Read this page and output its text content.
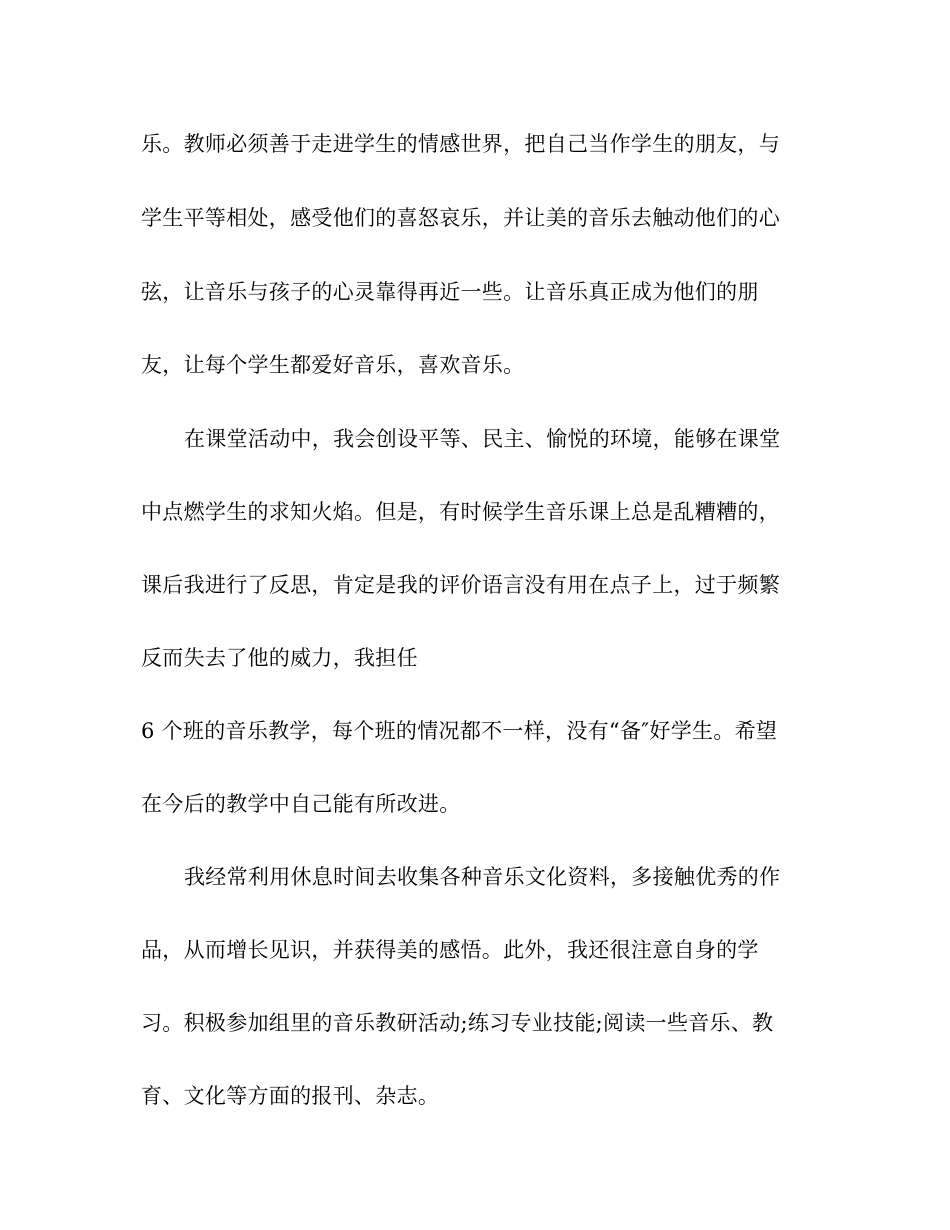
乐。教师必须善于走进学生的情感世界，把自己当作学生的朋友，与
学生平等相处，感受他们的喜怒哀乐，并让美的音乐去触动他们的心
弦，让音乐与孩子的心灵靠得再近一些。让音乐真正成为他们的朋
友，让每个学生都爱好音乐，喜欢音乐。
在课堂活动中，我会创设平等、民主、愉悦的环境，能够在课堂
中点燃学生的求知火焰。但是，有时候学生音乐课上总是乱糟糟的，
课后我进行了反思，肯定是我的评价语言没有用在点子上，过于频繁
反而失去了他的威力，我担任
6 个班的音乐教学，每个班的情况都不一样，没有“备″好学生。希望
在今后的教学中自己能有所改进。
我经常利用休息时间去收集各种音乐文化资料，多接触优秀的作
品，从而增长见识，并获得美的感悟。此外，我还很注意自身的学
习。积极参加组里的音乐教研活动;练习专业技能;阅读一些音乐、教
育、文化等方面的报刊、杂志。
